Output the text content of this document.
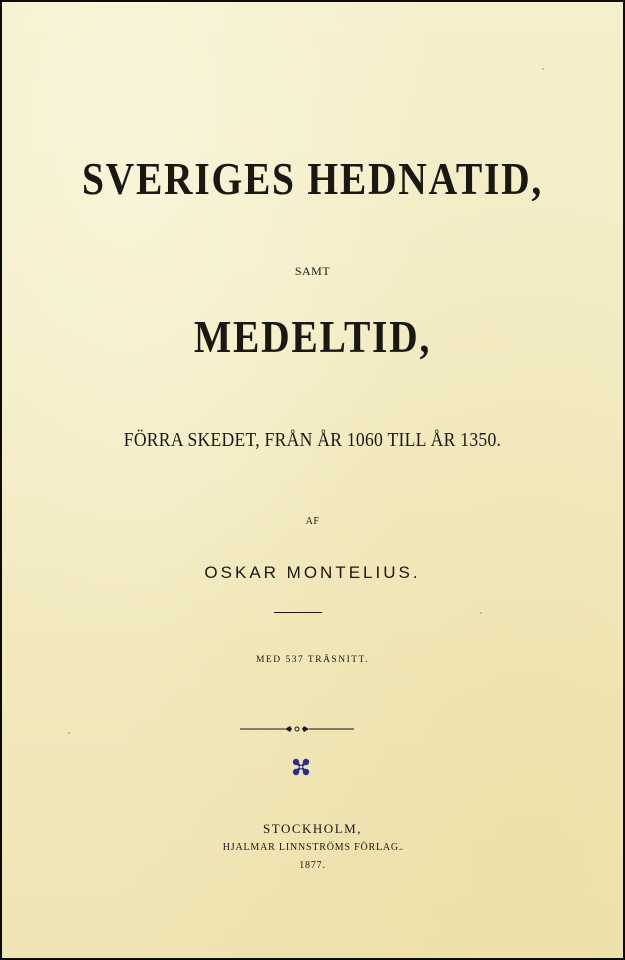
SVERIGES HEDNATID,

SAMT

MEDELTID,

FÖRRA SKEDET, FRÅN ÅR 1060 TILL ÅR 1350.

AF

OSKAR MONTELIUS.

MED 537 TRÄSNITT.

STOCKHOLM,

HJALMAR LINNSTRÖMS FÖRLAG.

1877.
